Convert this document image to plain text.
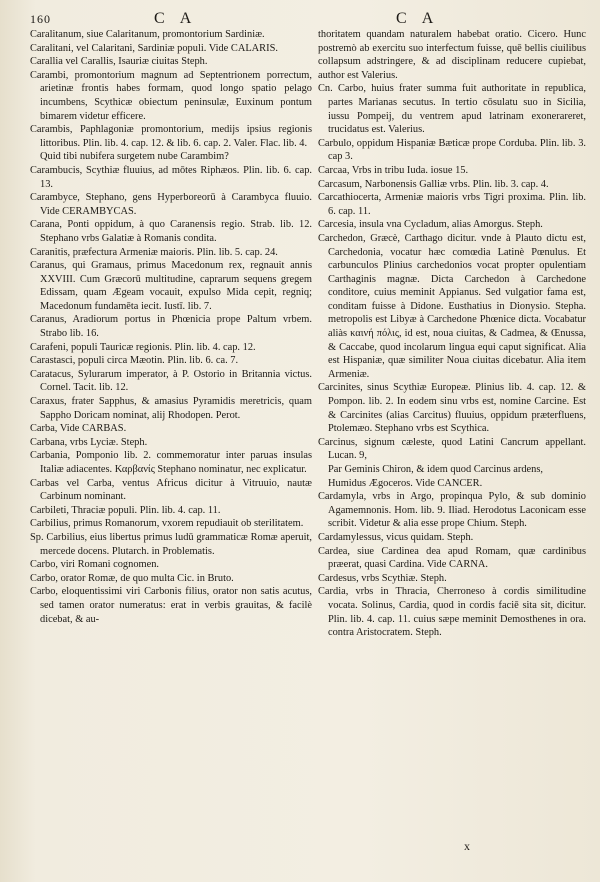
160	C A	C A

Caralitanum, siue Calaritanum, promontorium Sardiniæ.

Caralitani, vel Calaritani, Sardiniæ populi. Vide CALARIS.

Carallia vel Carallis, Isauriæ ciuitas Steph.

Carambi, promontorium magnum ad Septentrionem porrectum, arietinæ frontis habes formam, quod longo spatio pelago incumbens, Scythicæ obiectum peninsulæ, Euxinum pontum bimarem videtur efficere.

Carambis, Paphlagoniæ promontorium, medijs ipsius regionis littoribus. Plin. lib. 4. cap. 12. & lib. 6. cap. 2. Valer. Flac. lib. 4.

Quid tibi nubifera surgetem nube Carambim?

Carambucis, Scythiæ fluuius, ad mōtes Riphæos. Plin. lib. 6. cap. 13.

Carambyce, Stephano, gens Hyperboreorū à Carambyca fluuio. Vide CERAMBYCAS.

Carana, Ponti oppidum, à quo Caranensis regio. Strab. lib. 12. Stephano vrbs Galatiæ à Romanis condita.

Caranitis, præfectura Armeniæ maioris. Plin. lib. 5. cap. 24.

Caranus, qui Gramaus, primus Macedonum rex, regnauit annis XXVIII. Cum Græcorū multitudine, caprarum sequens gregem Edissam, quam Ægeam vocauit, expulso Mida cepit, regniq; Macedonum fundamēta iecit. Iustī. lib. 7.

Caranus, Aradiorum portus in Phœnicia prope Paltum vrbem. Strabo lib. 16.

Carafeni, populi Tauricæ regionis. Plin. lib. 4. cap. 12.

Carastasci, populi circa Mæotin. Plin. lib. 6. ca. 7.

Caratacus, Sylurarum imperator, à P. Ostorio in Britannia victus. Cornel. Tacit. lib. 12.

Caraxus, frater Sapphus, & amasius Pyramidis meretricis, quam Sappho Doricam nominat, alij Rhodopen. Perot.

Carba, Vide CARBAS.

Carbana, vrbs Lyciæ. Steph.

Carbania, Pomponio lib. 2. commemoratur inter paruas insulas Italiæ adiacentes. Καρβανίς Stephano nominatur, nec explicatur.

Carbas vel Carba, ventus Africus dicitur à Vitruuio, nautæ Carbinum nominant.

Carbileti, Thraciæ populi. Plin. lib. 4. cap. 11.

Carbilius, primus Romanorum, vxorem repudiauit ob sterilitatem.

Sp. Carbilius, eius libertus primus ludū grammaticæ Romæ aperuit, mercede docens. Plutarch. in Problematis.

Carbo, viri Romani cognomen.

Carbo, orator Romæ, de quo multa Cic. in Bruto.

Carbo, eloquentissimi viri Carbonis filius, orator non satis acutus, sed tamen orator numeratus: erat in verbis grauitas, & facilè dicebat, & au-

thoritatem quandam naturalem habebat oratio. Cicero. Hunc postremò ab exercitu suo interfectum fuisse, quē bellis ciuilibus collapsum adstringere, & ad disciplinam reducere cupiebat, author est Valerius.

Cn. Carbo, huius frater summa fuit authoritate in republica, partes Marianas secutus. In tertio cōsulatu suo in Sicilia, iussu Pompeij, du ventrem apud latrinam exonerareret, trucidatus est. Valerius.

Carbulo, oppidum Hispaniæ Bæticæ prope Corduba. Plin. lib. 3. cap 3.

Carcaa, Vrbs in tribu Iuda. iosue 15.

Carcasum, Narbonensis Galliæ vrbs. Plin. lib. 3. cap. 4.

Carcathiocerta, Armeniæ maioris vrbs Tigri proxima. Plin. lib. 6. cap. 11.

Carcesia, insula vna Cycladum, alias Amorgus. Steph.

Carchedon, Græcè, Carthago dicitur. vnde à Plauto dictu est, Carchedonia, vocatur hæc comœdia Latinè Pœnulus. Et carbunculos Plinius carchedonios vocat propter opulentiam Carthaginis magnæ. Dicta Carchedon à Carchedone conditore, cuius meminit Appianus. Sed vulgatior fama est, conditam fuisse à Didone. Eusthatius in Dionysio. Stepha. metropolis est Libyæ à Carchedone Phœnice dicta. Vocabatur aliàs καινή πόλις, id est, noua ciuitas, & Cadmea, & Œnussa, & Caccabe, quod incolarum lingua equi caput significat. Alia est Hispaniæ, quæ similiter Noua ciuitas dicebatur. Alia item Armeniæ.

Carcinites, sinus Scythiæ Europeæ. Plinius lib. 4. cap. 12. & Pompon. lib. 2. In eodem sinu vrbs est, nomine Carcine. Est & Carcinites (alias Carcitus) fluuius, oppidum præterfluens, Ptolemæo. Stephano vrbs est Scythica.

Carcinus, signum cæleste, quod Latini Cancrum appellant. Lucan. 9,

Par Geminis Chiron, & idem quod Carcinus ardens,

Humidus Ægoceros. Vide CANCER.

Cardamyla, vrbs in Argo, propinqua Pylo, & sub dominio Agamemnonis. Hom. lib. 9. Iliad. Herodotus Laconicam esse scribit. Videtur & alia esse prope Chium. Steph.

Cardamylessus, vicus quidam. Steph.

Cardea, siue Cardinea dea apud Romam, quæ cardinibus præerat, quasi Cardina. Vide CARNA.

Cardesus, vrbs Scythiæ. Steph.

Cardia, vrbs in Thracia, Cherroneso à cordis similitudine vocata. Solinus, Cardia, quod in cordis faciē sita sit, dicitur. Plin. lib. 4. cap. 11. cuius sæpe meminit Demosthenes in ora. contra Aristocratem. Steph.

x
